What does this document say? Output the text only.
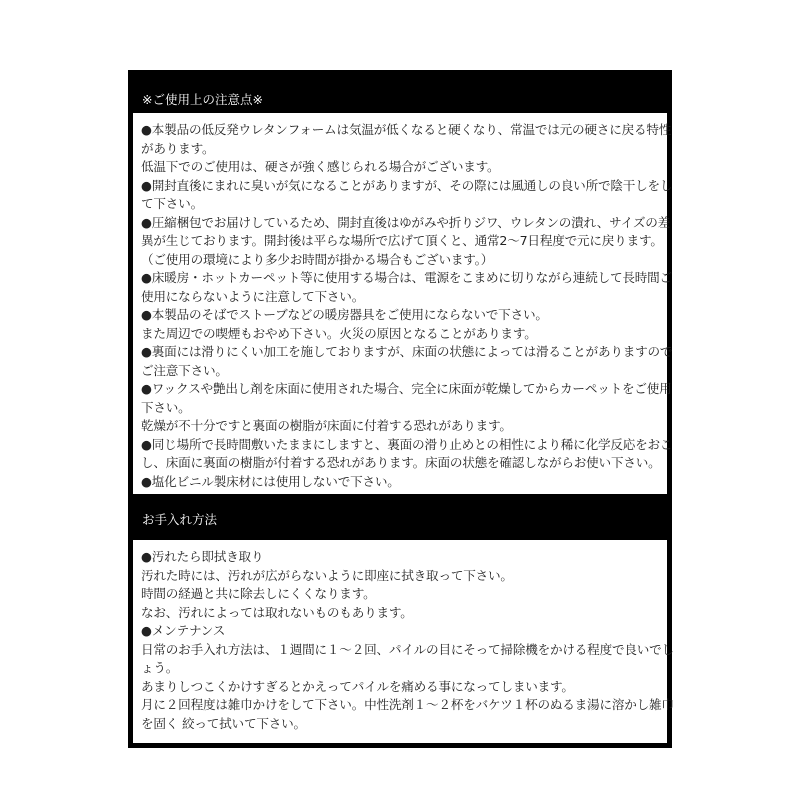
※ご使用上の注意点※
●本製品の低反発ウレタンフォームは気温が低くなると硬くなり、常温では元の硬さに戻る特性
があります。
低温下でのご使用は、硬さが強く感じられる場合がございます。
●開封直後にまれに臭いが気になることがありますが、その際には風通しの良い所で陰干しをし
て下さい。
●圧縮梱包でお届けしているため、開封直後はゆがみや折りジワ、ウレタンの潰れ、サイズの差
異が生じております。開封後は平らな場所で広げて頂くと、通常2～7日程度で元に戻ります。
（ご使用の環境により多少お時間が掛かる場合もございます。）
●床暖房・ホットカーペット等に使用する場合は、電源をこまめに切りながら連続して長時間ご
使用にならないように注意して下さい。
●本製品のそばでストーブなどの暖房器具をご使用にならないで下さい。
また周辺での喫煙もおやめ下さい。火災の原因となることがあります。
●裏面には滑りにくい加工を施しておりますが、床面の状態によっては滑ることがありますので
ご注意下さい。
●ワックスや艶出し剤を床面に使用された場合、完全に床面が乾燥してからカーペットをご使用
下さい。
乾燥が不十分ですと裏面の樹脂が床面に付着する恐れがあります。
●同じ場所で長時間敷いたままにしますと、裏面の滑り止めとの相性により稀に化学反応をおこ
し、床面に裏面の樹脂が付着する恐れがあります。床面の状態を確認しながらお使い下さい。
●塩化ビニル製床材には使用しないで下さい。
お手入れ方法
●汚れたら即拭き取り
汚れた時には、汚れが広がらないように即座に拭き取って下さい。
時間の経過と共に除去しにくくなります。
なお、汚れによっては取れないものもあります。
●メンテナンス
日常のお手入れ方法は、１週間に１～２回、パイルの目にそって掃除機をかける程度で良いでし
ょう。
あまりしつこくかけすぎるとかえってパイルを痛める事になってしまいます。
月に２回程度は雑巾かけをして下さい。中性洗剤１～２杯をバケツ１杯のぬるま湯に溶かし雑巾
を固く 絞って拭いて下さい。
